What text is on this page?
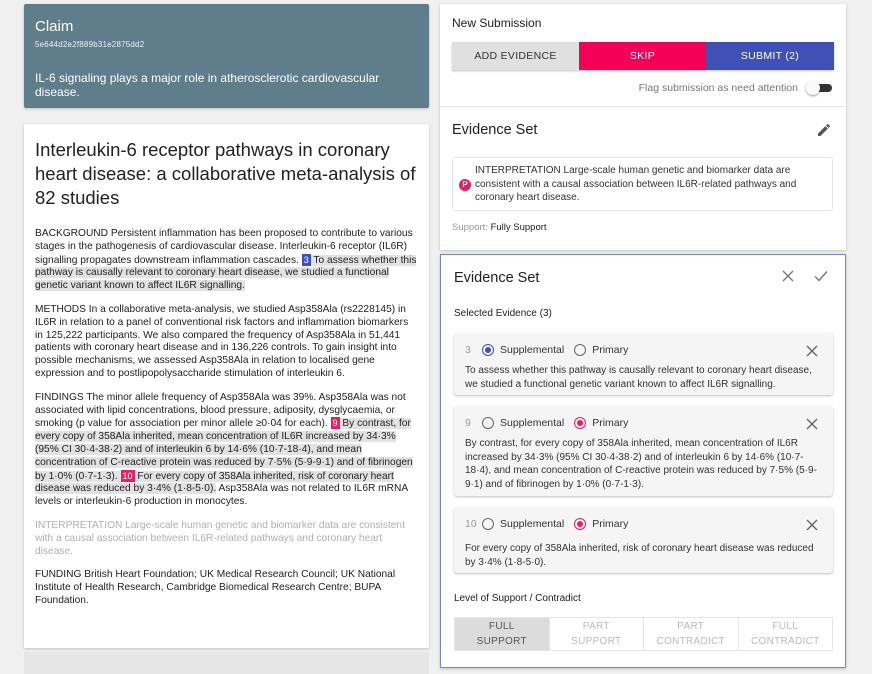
Claim
5e644d2e2f889b31e2875dd2
IL-6 signaling plays a major role in atherosclerotic cardiovascular disease.
Interleukin-6 receptor pathways in coronary heart disease: a collaborative meta-analysis of 82 studies
BACKGROUND Persistent inflammation has been proposed to contribute to various stages in the pathogenesis of cardiovascular disease. Interleukin-6 receptor (IL6R) signalling propagates downstream inflammation cascades. 3 To assess whether this pathway is causally relevant to coronary heart disease, we studied a functional genetic variant known to affect IL6R signalling.
METHODS In a collaborative meta-analysis, we studied Asp358Ala (rs2228145) in IL6R in relation to a panel of conventional risk factors and inflammation biomarkers in 125,222 participants. We also compared the frequency of Asp358Ala in 51,441 patients with coronary heart disease and in 136,226 controls. To gain insight into possible mechanisms, we assessed Asp358Ala in relation to localised gene expression and to postlipopolysaccharide stimulation of interleukin 6.
FINDINGS The minor allele frequency of Asp358Ala was 39%. Asp358Ala was not associated with lipid concentrations, blood pressure, adiposity, dysglycaemia, or smoking (p value for association per minor allele ≥0·04 for each). 9 By contrast, for every copy of 358Ala inherited, mean concentration of IL6R increased by 34·3% (95% CI 30·4-38·2) and of interleukin 6 by 14·6% (10·7-18·4), and mean concentration of C-reactive protein was reduced by 7·5% (5·9-9·1) and of fibrinogen by 1·0% (0·7-1·3). 10 For every copy of 358Ala inherited, risk of coronary heart disease was reduced by 3·4% (1·8-5·0). Asp358Ala was not related to IL6R mRNA levels or interleukin-6 production in monocytes.
INTERPRETATION Large-scale human genetic and biomarker data are consistent with a causal association between IL6R-related pathways and coronary heart disease.
FUNDING British Heart Foundation; UK Medical Research Council; UK National Institute of Health Research, Cambridge Biomedical Research Centre; BUPA Foundation.
New Submission
ADD EVIDENCE	SKIP	SUBMIT (2)
Flag submission as need attention
Evidence Set
P
INTERPRETATION Large-scale human genetic and biomarker data are consistent with a causal association between IL6R-related pathways and coronary heart disease.
Support: Fully Support
Evidence Set
Selected Evidence (3)
3	Supplemental	Primary
To assess whether this pathway is causally relevant to coronary heart disease, we studied a functional genetic variant known to affect IL6R signalling.
9	Supplemental	Primary
By contrast, for every copy of 358Ala inherited, mean concentration of IL6R increased by 34·3% (95% CI 30·4-38·2) and of interleukin 6 by 14·6% (10·7-18·4), and mean concentration of C-reactive protein was reduced by 7·5% (5·9-9·1) and of fibrinogen by 1·0% (0·7-1·3).
10	Supplemental	Primary
For every copy of 358Ala inherited, risk of coronary heart disease was reduced by 3·4% (1·8-5·0).
Level of Support / Contradict
FULL
SUPPORT
PART
SUPPORT
PART
CONTRADICT
FULL
CONTRADICT
